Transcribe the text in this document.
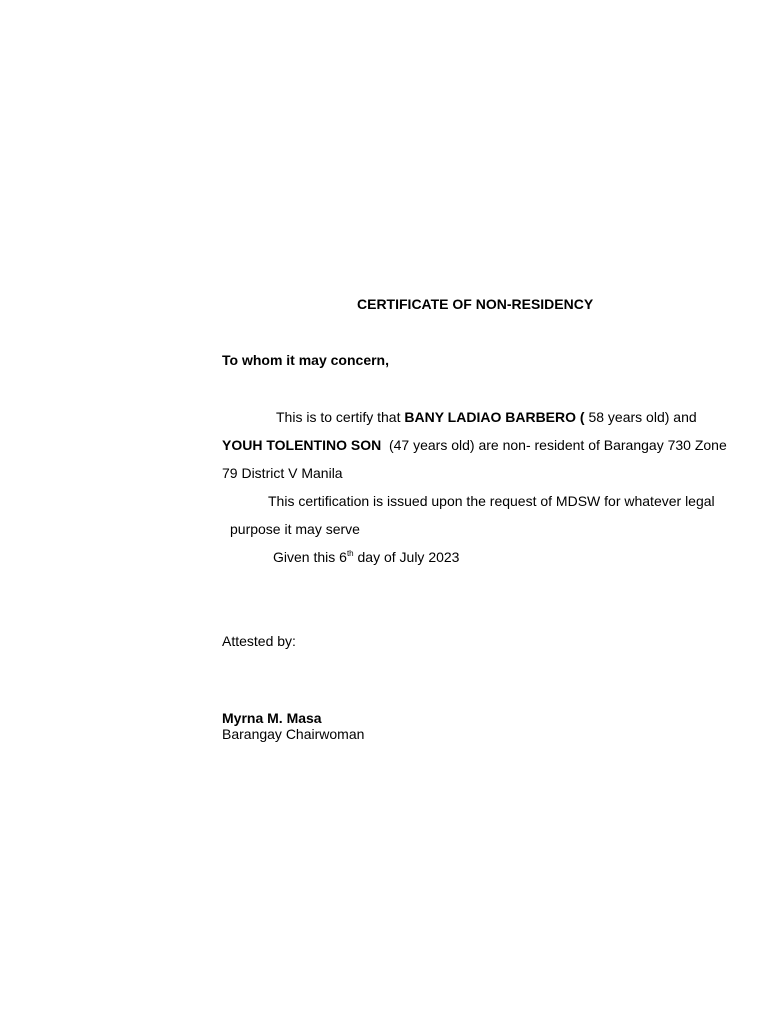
CERTIFICATE OF NON-RESIDENCY
To whom it may concern,
This is to certify that BANY LADIAO BARBERO ( 58 years old) and
YOUH TOLENTINO SON  (47 years old) are non- resident of Barangay 730 Zone
79 District V Manila
This certification is issued upon the request of MDSW for whatever legal
purpose it may serve
Given this 6th day of July 2023
Attested by:
Myrna M. Masa
Barangay Chairwoman
